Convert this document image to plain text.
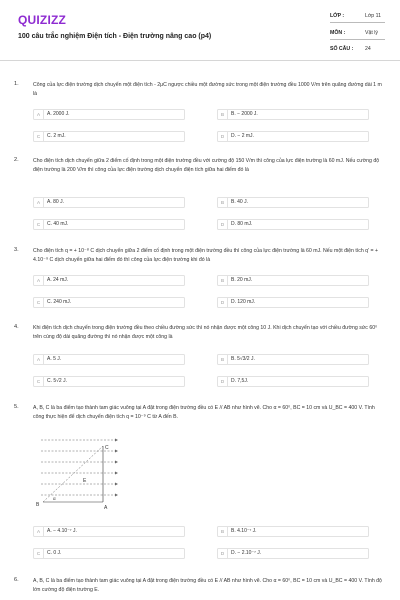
QUIZIZZ
100 câu trắc nghiệm Điện tích - Điện trường nâng cao (p4)
LỚP :	Lớp 11
MÔN :	Vật lý
SỐ CÂU : 24
1.	Công của lực điện trường dịch chuyển một điện tích - 2μC ngược chiều một đường sức trong một điện trường đều 1000 V/m trên quãng đường dài 1 m là
A	A. 2000 J.	B	B. − 2000 J.
C	C. 2 mJ.	D	D. − 2 mJ.
2.	Cho điện tích dịch chuyển giữa 2 điểm cố định trong một điện trường đều với cường độ 150 V/m thì công của lực điện trường là 60 mJ. Nếu cường độ điện trường là 200 V/m thì công của lực điện trường dịch chuyển điện tích giữa hai điểm đó là
A	A. 80 J.	B	B. 40 J.
C	C. 40 mJ.	D	D. 80 mJ.
3.	Cho điện tích q = + 10⁻⁸ C dịch chuyển giữa 2 điểm cố định trong một điện trường đều thì công của lực điện trường là 60 mJ. Nếu một điện tích q' = + 4.10⁻⁹ C dịch chuyển giữa hai điểm đó thì công của lực điện trường khi đó là
A	A. 24 mJ.	B	B. 20 mJ.
C	C. 240 mJ.	D	D. 120 mJ.
4.	Khi điện tích dịch chuyển trong điện trường đều theo chiều đường sức thì nó nhận được một công 10 J. Khi dịch chuyển tạo với chiều đường sức 60⁰ trên cùng độ dài quãng đường thì nó nhận được một công là
A	A. 5 J.	B	B. 5√3/2 J.
C	C. 5√2 J.	D	D. 7,5J.
5.	A, B, C là ba điểm tạo thành tam giác vuông tại A đặt trong điện trường đều có E // AB như hình vẽ. Cho α = 60⁰, BC = 10 cm và U_BC = 400 V. Tính công thực hiện để dịch chuyển điện tích q = 10⁻⁹ C từ A đến B.
C
B	A
E
α
A	A. − 4.10⁻⁷ J.	B	B. 4.10⁻⁷ J.
C	C. 0 J.	D	D. − 2.10⁻⁷ J.
6.	A, B, C là ba điểm tạo thành tam giác vuông tại A đặt trong điện trường đều có E // AB như hình vẽ. Cho α = 60⁰, BC = 10 cm và U_BC = 400 V. Tính độ lớn cường độ điện trường E.
